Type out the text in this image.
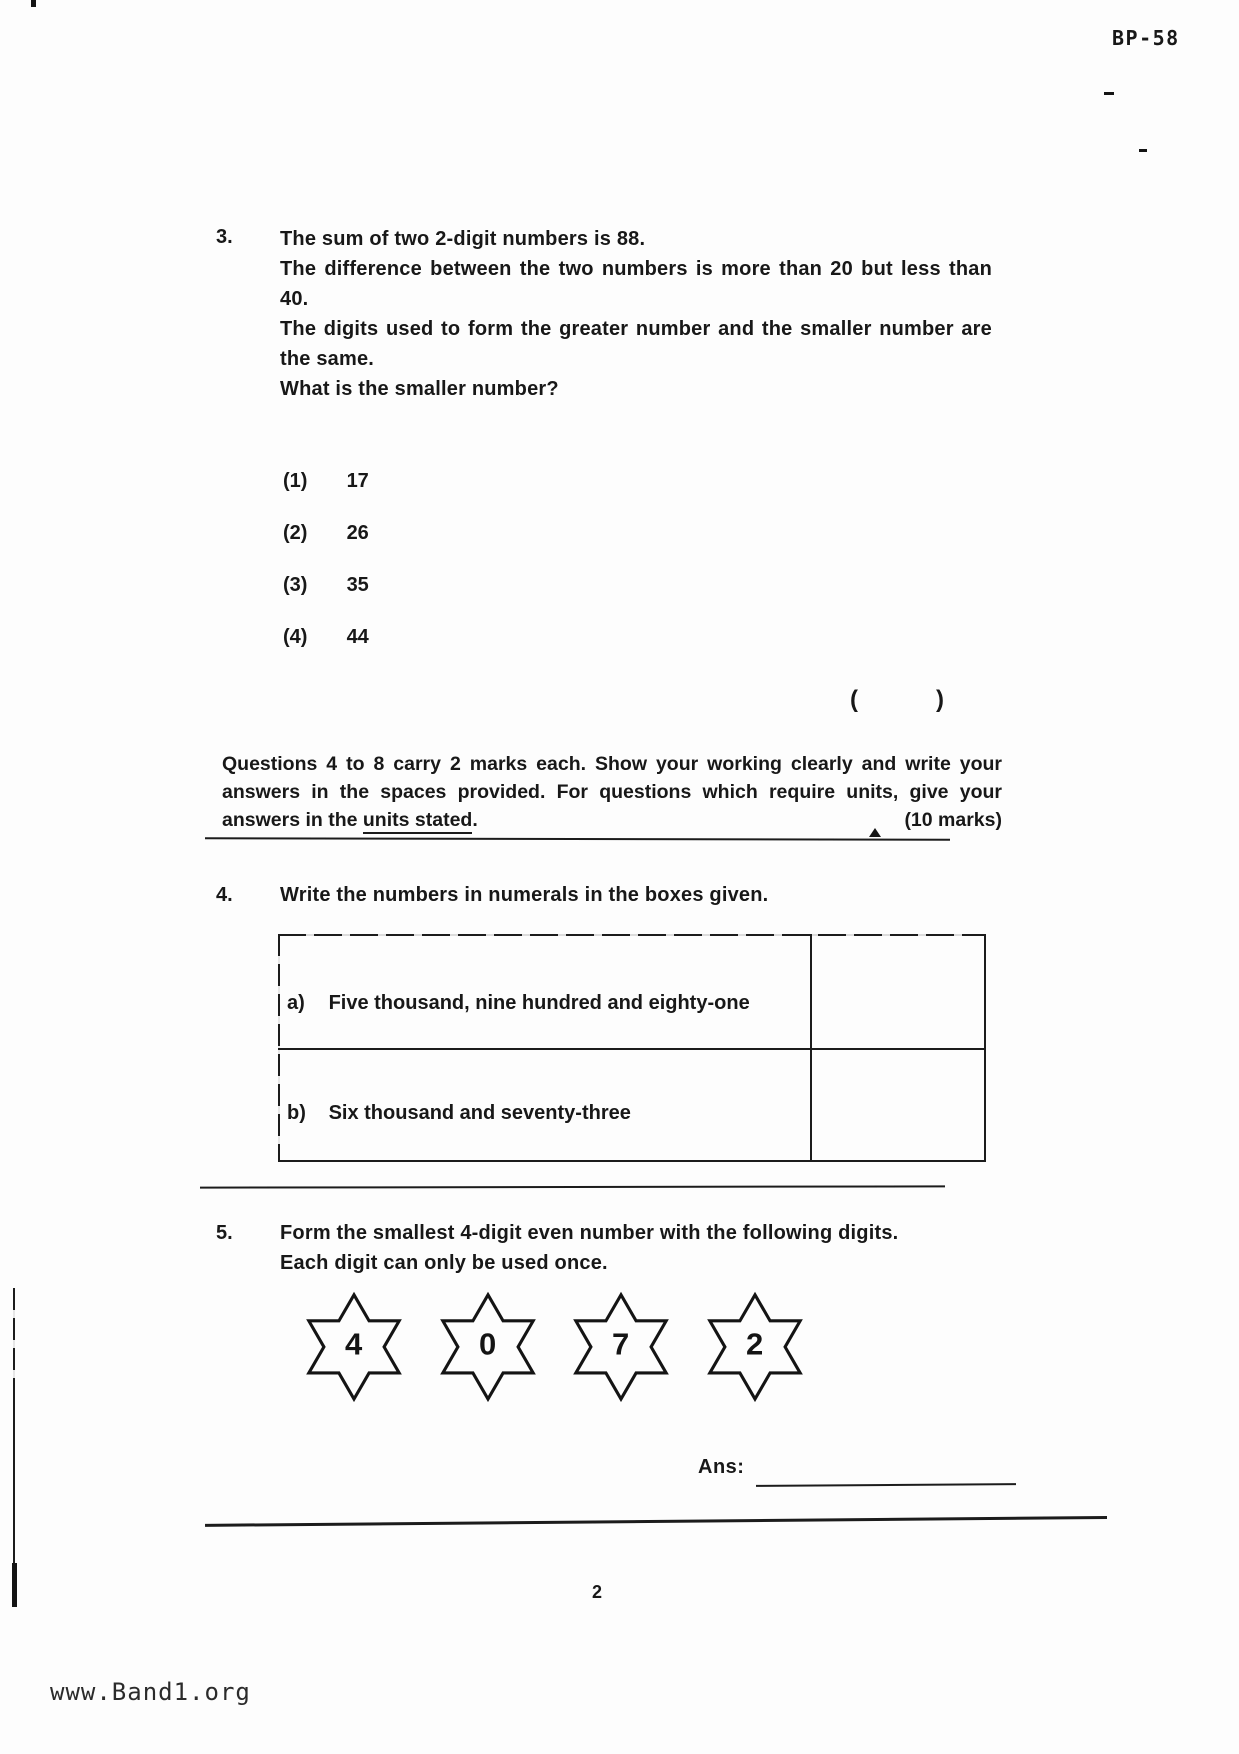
BP-58
3. The sum of two 2-digit numbers is 88.
The difference between the two numbers is more than 20 but less than
40.
The digits used to form the greater number and the smaller number are
the same.
What is the smaller number?
(1) 17
(2) 26
(3) 35
(4) 44
(	)
Questions 4 to 8 carry 2 marks each. Show your working clearly and write your
answers in the spaces provided. For questions which require units, give your
answers in the units stated .	(10 marks)
4. Write the numbers in numerals in the boxes given.
a) Five thousand, nine hundred and eighty-one
b) Six thousand and seventy-three
5. Form the smallest 4-digit even number with the following digits.
Each digit can only be used once.
4	0	7	2
Ans:
2
www.Band1.org
